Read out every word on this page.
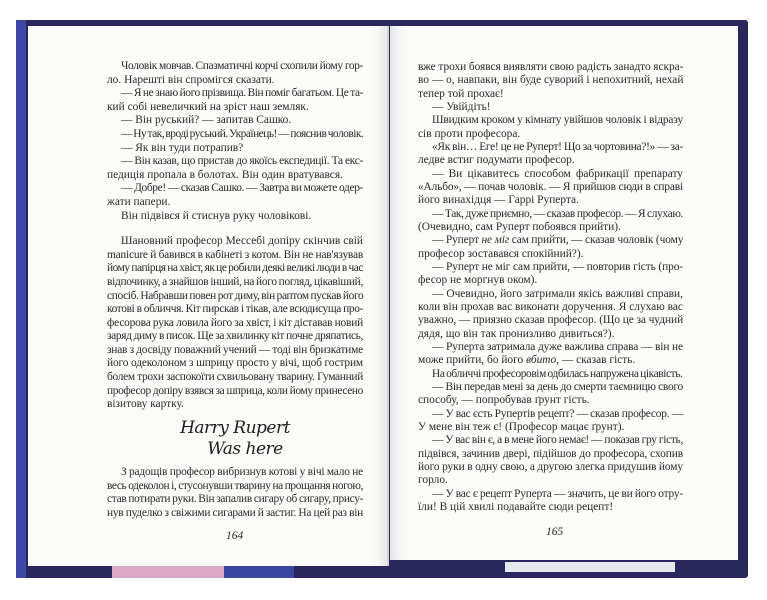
Чоловік мовчав. Спазматичні корчі схопили йому гор-
ло. Нарешті він спромігся сказати.
— Я не знаю його прізвища. Він поміг багатьом. Це та-
кий собі невеличкий на зріст наш земляк.
— Він руський? — запитав Сашко.
— Ну так, вроді руський. Українець! — пояснив чоловік.
— Як він туди потрапив?
— Він казав, що пристав до якоїсь експедиції. Та екс-
педиція пропала в болотах. Він один вратувався.
— Добре! — сказав Сашко. — Завтра ви можете одер-
жати папери.
Він підвівся й стиснув руку чоловікові.
Шановний професор Мессебі допіру скінчив свій
manicure й бавився в кабінеті з котом. Він не нав'язував
йому папірця на хвіст, як це робили деякі великі люди в час
відпочинку, а знайшов інший, на його погляд, цікавіший,
спосіб. Набравши повен рот диму, він раптом пускав його
котові в обличчя. Кіт пирскав і тікав, але всюдисуща про-
фесорова рука ловила його за хвіст, і кіт діставав новий
заряд диму в писок. Ще за хвилинку кіт почне дряпатись,
знав з досвіду поважний учений — тоді він бризкатиме
його одеколоном з шприцу просто у вічі, щоб гострим
болем трохи заспокоїти схвильовану тварину. Гуманний
професор допіру взявся за шприца, коли йому принесено
візитову картку.
Harry Rupert
Was here
З радощів професор вибризнув котові у вічі мало не
весь одеколон і, стусонувши тварину на прощання ногою,
став потирати руки. Він запалив сигару об сигару, прису-
нув пуделко з свіжими сигарами й застиг. На цей раз він
164
вже трохи боявся виявляти свою радість занадто яскра-
во — о, навпаки, він буде суворий і непохитний, нехай
тепер той прохає!
— Увійдіть!
Швидким кроком у кімнату увійшов чоловік і відразу
сів проти професора.
«Як він… Еге! це не Руперт! Що за чортовина?!» — за-
ледве встиг подумати професор.
— Ви цікавитесь способом фабрикації препарату
«Альбо», — почав чоловік. — Я прийшов сюди в справі
його винахідця — Гаррі Руперта.
— Так, дуже приємно, — сказав професор. — Я слухаю.
(Очевидно, сам Руперт побоявся прийти).
— Руперт не міг сам прийти, — сказав чоловік (чому
професор зоставався спокійний?).
— Руперт не міг сам прийти, — повторив гість (про-
фесор не моргнув оком).
— Очевидно, його затримали якісь важливі справи,
коли він прохав вас виконати доручення. Я слухаю вас
уважно, — приязно сказав професор. (Що це за чудний
дядя, що він так пронизливо дивиться?).
— Руперта затримала дуже важлива справа — він не
може прийти, бо його вбито, — сказав гість.
На обличчі професоровім одбилась напружена цікавість.
— Він передав мені за день до смерти таємницю свого
способу, — попробував ґрунт гість.
— У вас єсть Рупертів рецепт? — сказав професор. —
У мене він теж є! (Професор мацає ґрунт).
— У вас він є, а в мене його немає! — показав гру гість,
підвівся, зачинив двері, підійшов до професора, схопив
його руки в одну свою, а другою злегка придушив йому
горло.
— У вас є рецепт Руперта — значить, це ви його отру-
їли! В цій хвилі подавайте сюди рецепт!
165
